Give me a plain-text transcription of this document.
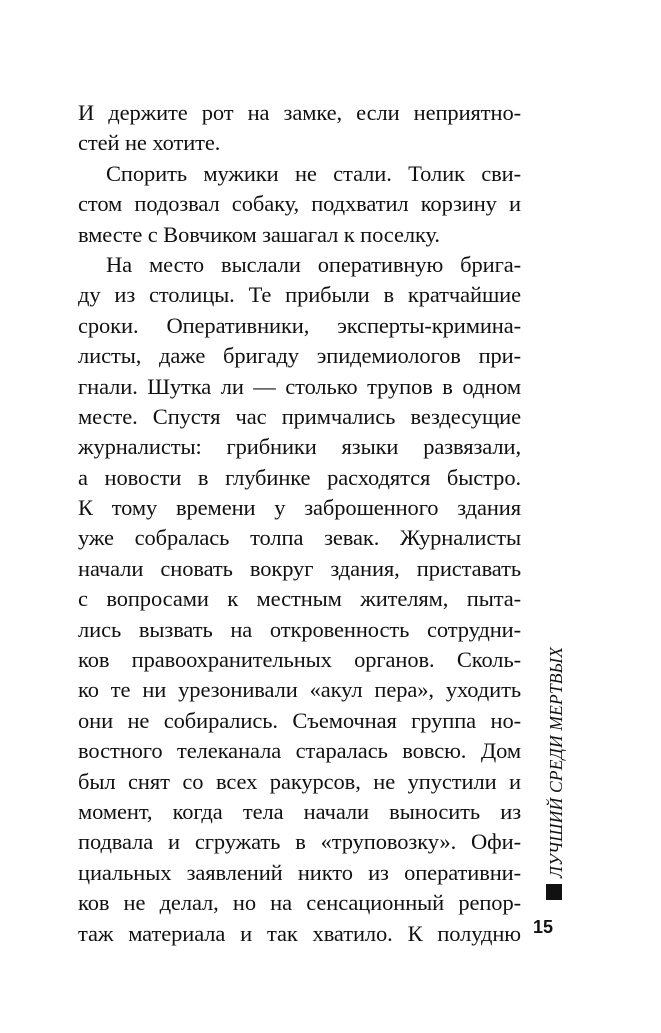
И держите рот на замке, если неприятно-
стей не хотите.
Спорить мужики не стали. Толик сви-
стом подозвал собаку, подхватил корзину и
вместе с Вовчиком зашагал к поселку.
На место выслали оперативную брига-
ду из столицы. Те прибыли в кратчайшие
сроки. Оперативники, эксперты-кримина-
листы, даже бригаду эпидемиологов при-
гнали. Шутка ли — столько трупов в одном
месте. Спустя час примчались вездесущие
журналисты: грибники языки развязали,
а новости в глубинке расходятся быстро.
К тому времени у заброшенного здания
уже собралась толпа зевак. Журналисты
начали сновать вокруг здания, приставать
с вопросами к местным жителям, пыта-
лись вызвать на откровенность сотрудни-
ков правоохранительных органов. Сколь-
ко те ни урезонивали «акул пера», уходить
они не собирались. Съемочная группа но-
востного телеканала старалась вовсю. Дом
был снят со всех ракурсов, не упустили и
момент, когда тела начали выносить из
подвала и сгружать в «труповозку». Офи-
циальных заявлений никто из оперативни-
ков не делал, но на сенсационный репор-
таж материала и так хватило. К полудню
ЛУЧШИЙ СРЕДИ МЕРТВЫХ
15
